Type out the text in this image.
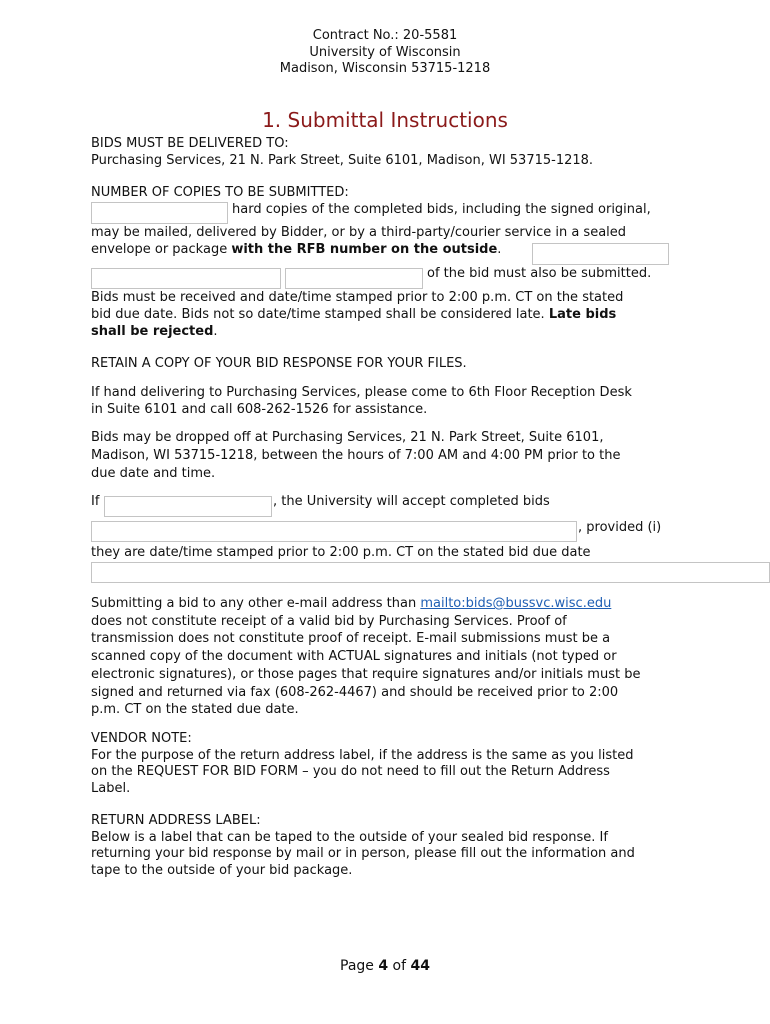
Contract No.: 20-5581
University of Wisconsin
Madison, Wisconsin 53715-1218
1. Submittal Instructions
BIDS MUST BE DELIVERED TO:
Purchasing Services, 21 N. Park Street, Suite 6101, Madison, WI 53715-1218.
NUMBER OF COPIES TO BE SUBMITTED:
hard copies of the completed bids, including the signed original,
may be mailed, delivered by Bidder, or by a third-party/courier service in a sealed
envelope or package with the RFB number on the outside.
of the bid must also be submitted.
Bids must be received and date/time stamped prior to 2:00 p.m. CT on the stated
bid due date. Bids not so date/time stamped shall be considered late. Late bids
shall be rejected.
RETAIN A COPY OF YOUR BID RESPONSE FOR YOUR FILES.
If hand delivering to Purchasing Services, please come to 6th Floor Reception Desk
in Suite 6101 and call 608-262-1526 for assistance.
Bids may be dropped off at Purchasing Services, 21 N. Park Street, Suite 6101,
Madison, WI 53715-1218, between the hours of 7:00 AM and 4:00 PM prior to the
due date and time.
If	, the University will accept completed bids
, provided (i)
they are date/time stamped prior to 2:00 p.m. CT on the stated bid due date
Submitting a bid to any other e-mail address than mailto:bids@bussvc.wisc.edu
does not constitute receipt of a valid bid by Purchasing Services. Proof of
transmission does not constitute proof of receipt. E-mail submissions must be a
scanned copy of the document with ACTUAL signatures and initials (not typed or
electronic signatures), or those pages that require signatures and/or initials must be
signed and returned via fax (608-262-4467) and should be received prior to 2:00
p.m. CT on the stated due date.
VENDOR NOTE:
For the purpose of the return address label, if the address is the same as you listed
on the REQUEST FOR BID FORM – you do not need to fill out the Return Address
Label.
RETURN ADDRESS LABEL:
Below is a label that can be taped to the outside of your sealed bid response. If
returning your bid response by mail or in person, please fill out the information and
tape to the outside of your bid package.
Page 4 of 44
